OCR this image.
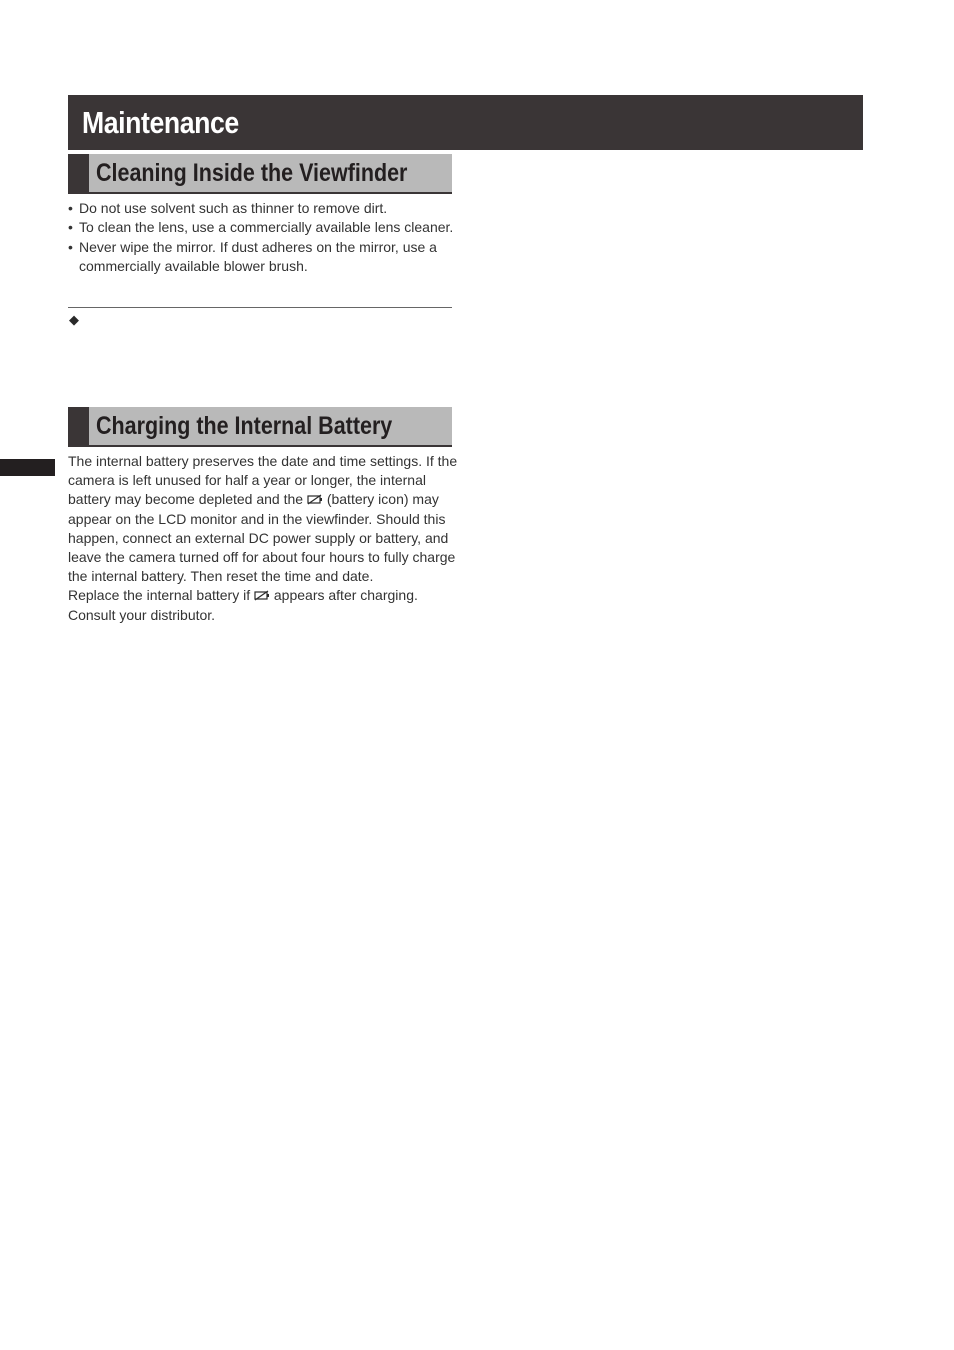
Maintenance
Cleaning Inside the Viewfinder
• Do not use solvent such as thinner to remove dirt.
• To clean the lens, use a commercially available lens cleaner.
• Never wipe the mirror. If dust adheres on the mirror, use a commercially available blower brush.
◆
Charging the Internal Battery

The internal battery preserves the date and time settings. If the camera is left unused for half a year or longer, the internal battery may become depleted and the  (battery icon) may appear on the LCD monitor and in the viewfinder. Should this happen, connect an external DC power supply or battery, and leave the camera turned off for about four hours to fully charge the internal battery. Then reset the time and date.

Replace the internal battery if  appears after charging. Consult your distributor.
